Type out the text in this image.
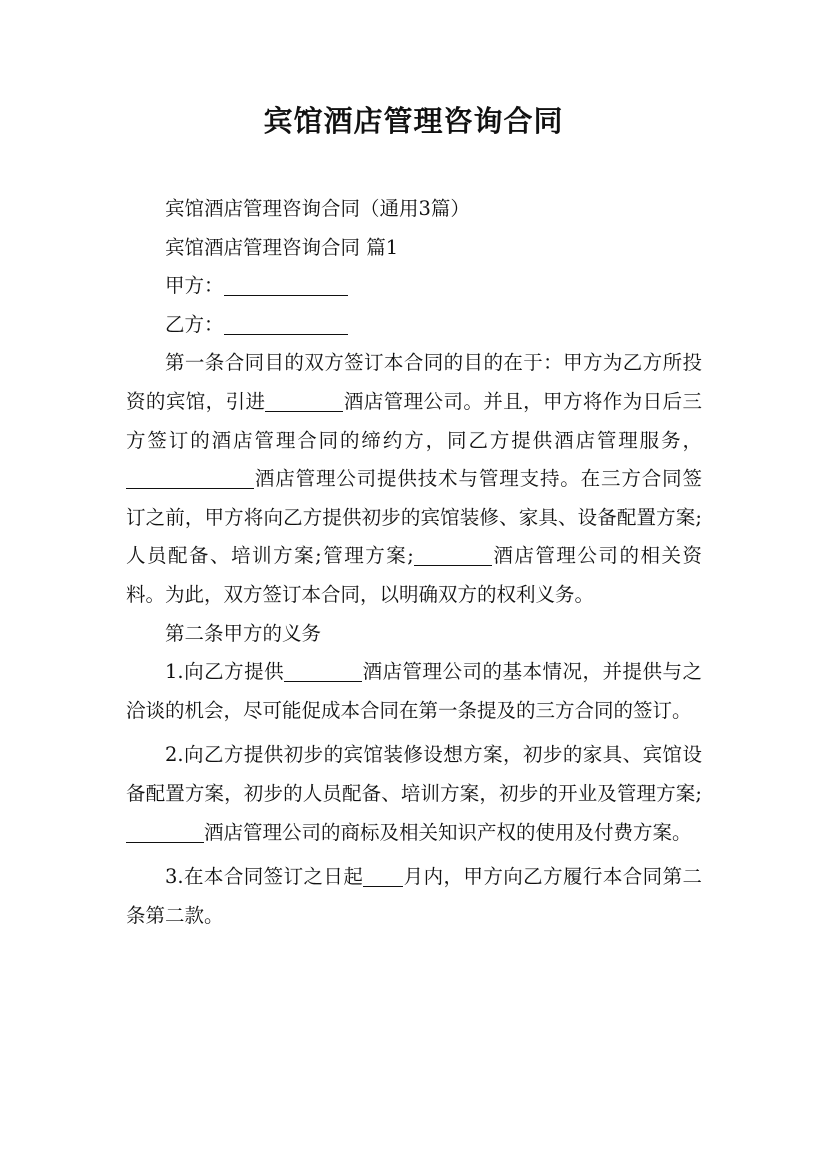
宾馆酒店管理咨询合同

宾馆酒店管理咨询合同（通用3篇）

宾馆酒店管理咨询合同 篇1

甲方：

乙方：

第一条合同目的双方签订本合同的目的在于：甲方为乙方所投资的宾馆，引进	酒店管理公司。并且，甲方将作为日后三方签订的酒店管理合同的缔约方，同乙方提供酒店管理服务，酒店管理公司提供技术与管理支持。在三方合同签订之前，甲方将向乙方提供初步的宾馆装修、家具、设备配置方案;人员配备、培训方案;管理方案;	酒店管理公司的相关资料。为此，双方签订本合同，以明确双方的权利义务。

第二条甲方的义务

1.向乙方提供	酒店管理公司的基本情况，并提供与之洽谈的机会，尽可能促成本合同在第一条提及的三方合同的签订。

2.向乙方提供初步的宾馆装修设想方案，初步的家具、宾馆设备配置方案，初步的人员配备、培训方案，初步的开业及管理方案;酒店管理公司的商标及相关知识产权的使用及付费方案。

3.在本合同签订之日起 月内，甲方向乙方履行本合同第二条第二款。
